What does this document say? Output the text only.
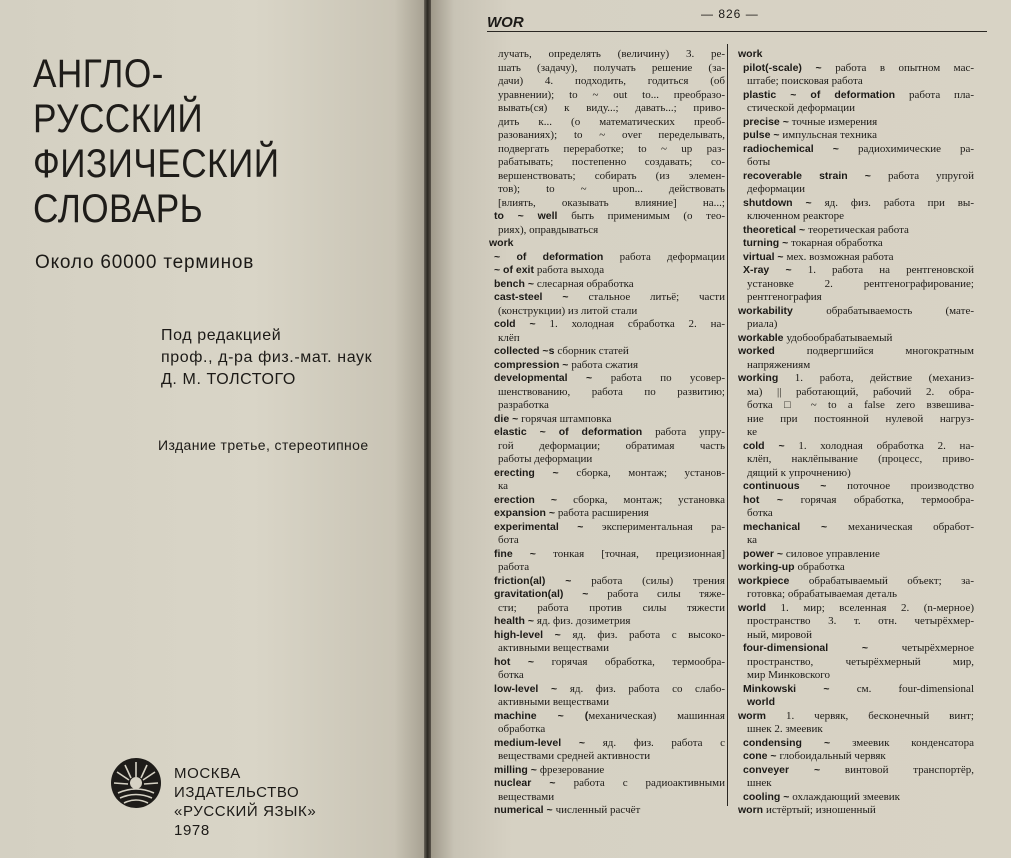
АНГЛО-
РУССКИЙ
ФИЗИЧЕСКИЙ
СЛОВАРЬ
Около 60000 терминов
Под редакцией
проф., д-ра физ.-мат. наук
Д. М. ТОЛСТОГО
Издание третье, стереотипное
МОСКВА
ИЗДАТЕЛЬСТВО
«РУССКИЙ ЯЗЫК»
1978
WOR	— 826 —
лучать, определять (величину) 3. ре-
шать (задачу), получать решение (за-
дачи) 4. подходить, годиться (об
уравнении); to ~ out to... преобразо-
вывать(ся) к виду...; давать...; приво-
дить к... (о математических преоб-
разованиях); to ~ over переделывать,
подвергать переработке; to ~ up раз-
рабатывать; постепенно создавать; со-
вершенствовать; собирать (из элемен-
тов); to ~ upon... действовать
[влиять, оказывать влияние] на...;
to ~ well быть применимым (о тео-
риях), оправдываться
work
~ of deformation работа деформации
~ of exit работа выхода
bench ~ слесарная обработка
cast-steel ~ стальное литьё; части
(конструкции) из литой стали
cold ~ 1. холодная сбработка 2. на-
клёп
collected ~s сборник статей
compression ~ работа сжатия
developmental ~ работа по усовер-
шенствованию, работа по развитию;
разработка
die ~ горячая штамповка
elastic ~ of deformation работа упру-
гой деформации; обратимая часть
работы деформации
erecting ~ сборка, монтаж; установ-
ка
erection ~ сборка, монтаж; установка
expansion ~ работа расширения
experimental ~ экспериментальная ра-
бота
fine ~ тонкая [точная, прецизионная]
работа
friction(al) ~ работа (силы) трения
gravitation(al) ~ работа силы тяже-
сти; работа против силы тяжести
health ~ яд. физ. дозиметрия
high-level ~ яд. физ. работа с высоко-
активными веществами
hot ~ горячая обработка, термообра-
ботка
low-level ~ яд. физ. работа со слабо-
активными веществами
machine ~ (механическая) машинная
обработка
medium-level ~ яд. физ. работа с
веществами средней активности
milling ~ фрезерование
nuclear ~ работа с радиоактивными
веществами
numerical ~ численный расчёт
work
pilot(-scale) ~ работа в опытном мас-
штабе; поисковая работа
plastic ~ of deformation работа пла-
стической деформации
precise ~ точные измерения
pulse ~ импульсная техника
radiochemical ~ радиохимические ра-
боты
recoverable strain ~ работа упругой
деформации
shutdown ~ яд. физ. работа при вы-
ключенном реакторе
theoretical ~ теоретическая работа
turning ~ токарная обработка
virtual ~ мех. возможная работа
X-ray ~ 1. работа на рентгеновской
установке 2. рентгенографирование;
рентгенография
workability обрабатываемость (мате-
риала)
workable удобообрабатываемый
worked подвергшийся многократным
напряжениям
working 1. работа, действие (механиз-
ма) || работающий, рабочий 2. обра-
ботка □ ~ to a false zero взвешива-
ние при постоянной нулевой нагруз-
ке
cold ~ 1. холодная обработка 2. на-
клёп, наклёпывание (процесс, приво-
дящий к упрочнению)
continuous ~ поточное производство
hot ~ горячая обработка, термообра-
ботка
mechanical ~ механическая обработ-
ка
power ~ силовое управление
working-up обработка
workpiece обрабатываемый объект; за-
готовка; обрабатываемая деталь
world 1. мир; вселенная 2. (n-мерное)
пространство 3. т. отн. четырёхмер-
ный, мировой
four-dimensional ~ четырёхмерное
пространство, четырёхмерный мир,
мир Минковского
Minkowski ~ см. four-dimensional
world
worm 1. червяк, бесконечный винт;
шнек 2. змеевик
condensing ~ змеевик конденсатора
cone ~ глобоидальный червяк
conveyer ~ винтовой транспортёр,
шнек
cooling ~ охлаждающий змеевик
worn истёртый; изношенный
